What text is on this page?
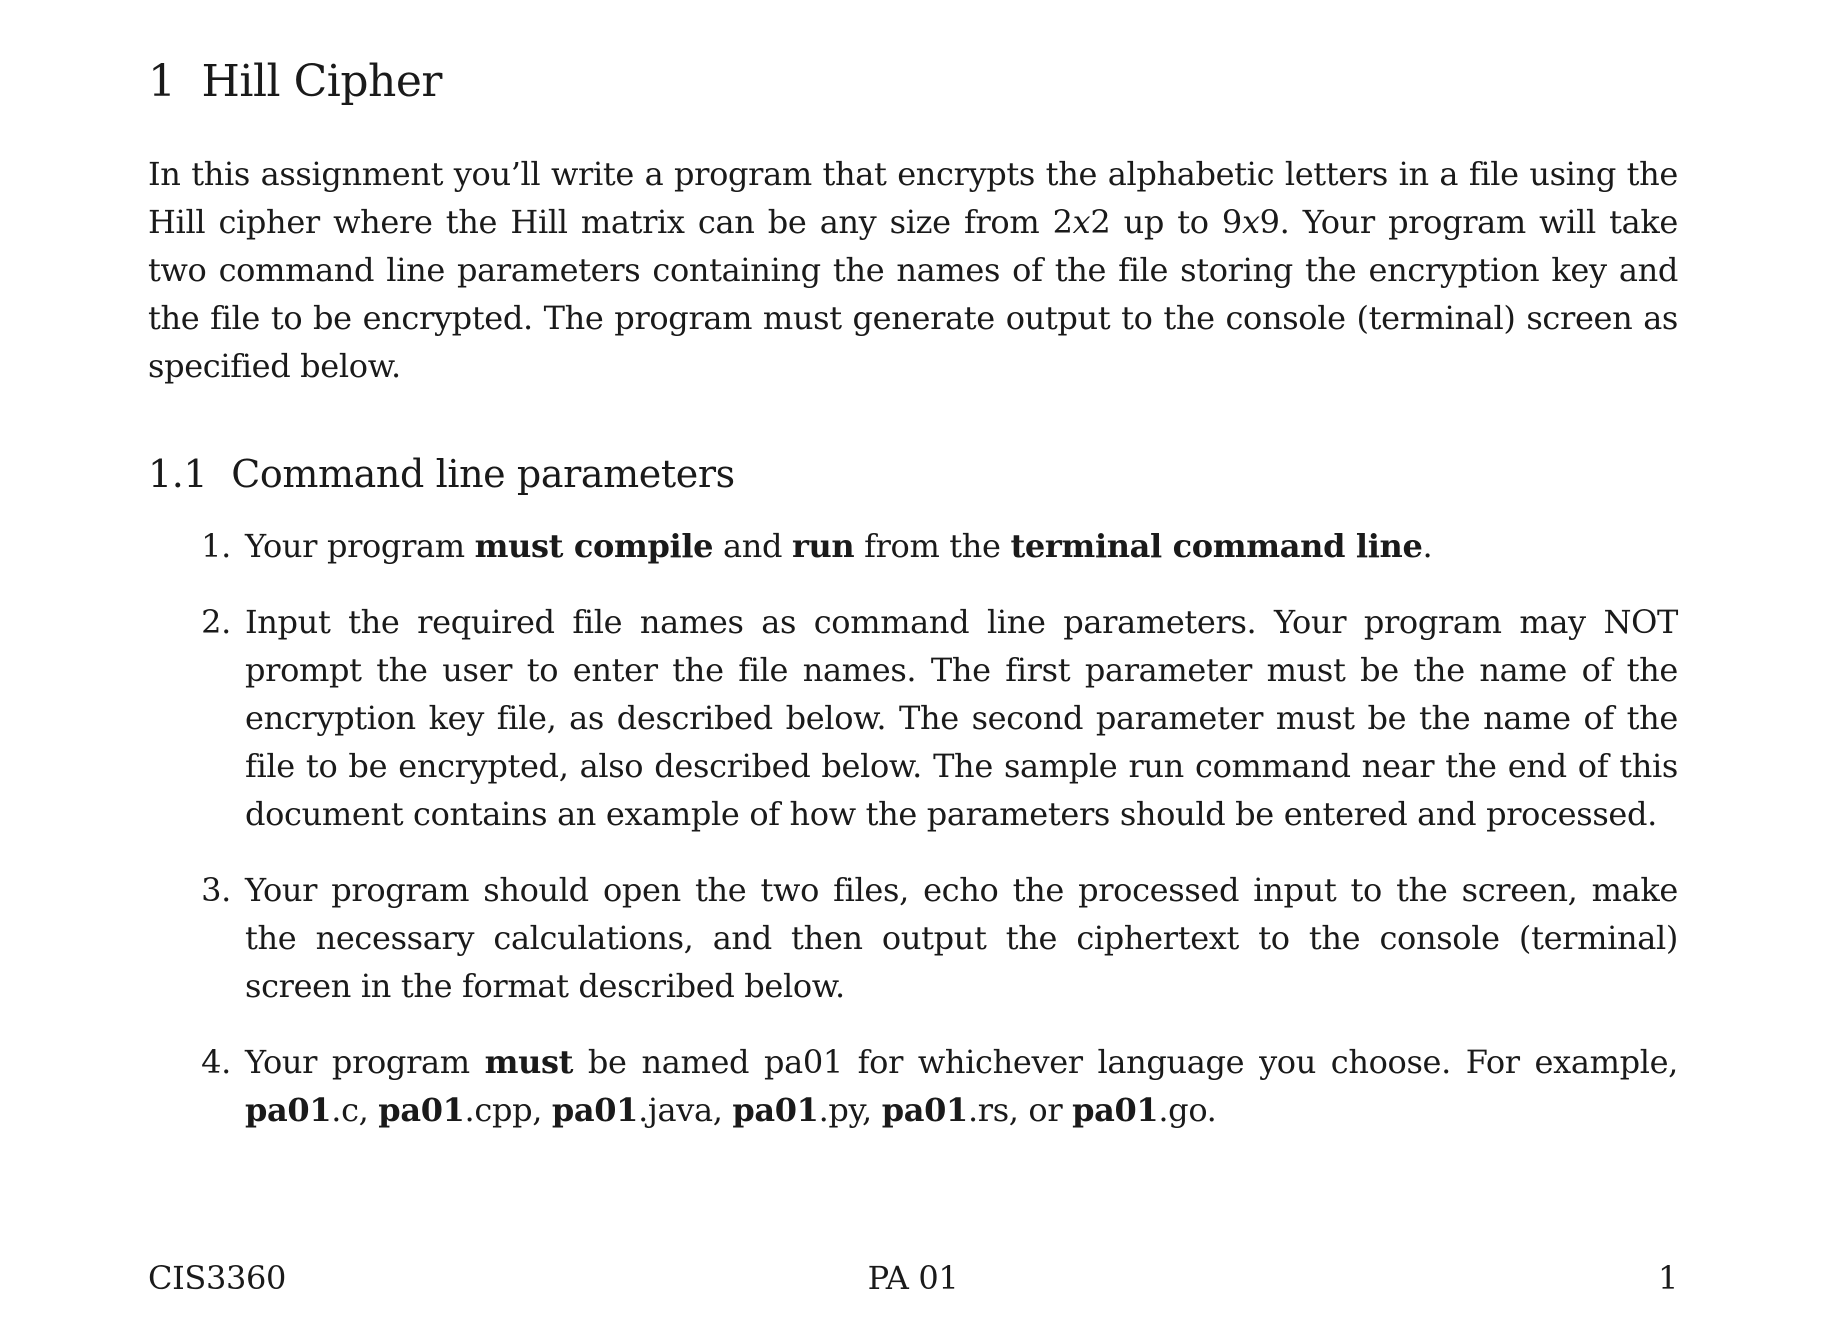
1 Hill Cipher

In this assignment you’ll write a program that encrypts the alphabetic letters in a file using the Hill cipher where the Hill matrix can be any size from 2x2 up to 9x9. Your program will take two command line parameters containing the names of the file storing the encryption key and the file to be encrypted. The program must generate output to the console (terminal) screen as specified below.

1.1 Command line parameters
1. Your program must compile and run from the terminal command line.
2. Input the required file names as command line parameters. Your program may NOT prompt the user to enter the file names. The first parameter must be the name of the encryption key file, as described below. The second parameter must be the name of the file to be encrypted, also described below. The sample run command near the end of this document contains an example of how the parameters should be entered and processed.
3. Your program should open the two files, echo the processed input to the screen, make the necessary calculations, and then output the ciphertext to the console (terminal) screen in the format described below.
4. Your program must be named pa01 for whichever language you choose. For example, pa01.c, pa01.cpp, pa01.java, pa01.py, pa01.rs, or pa01.go.
CIS3360	PA 01	1
